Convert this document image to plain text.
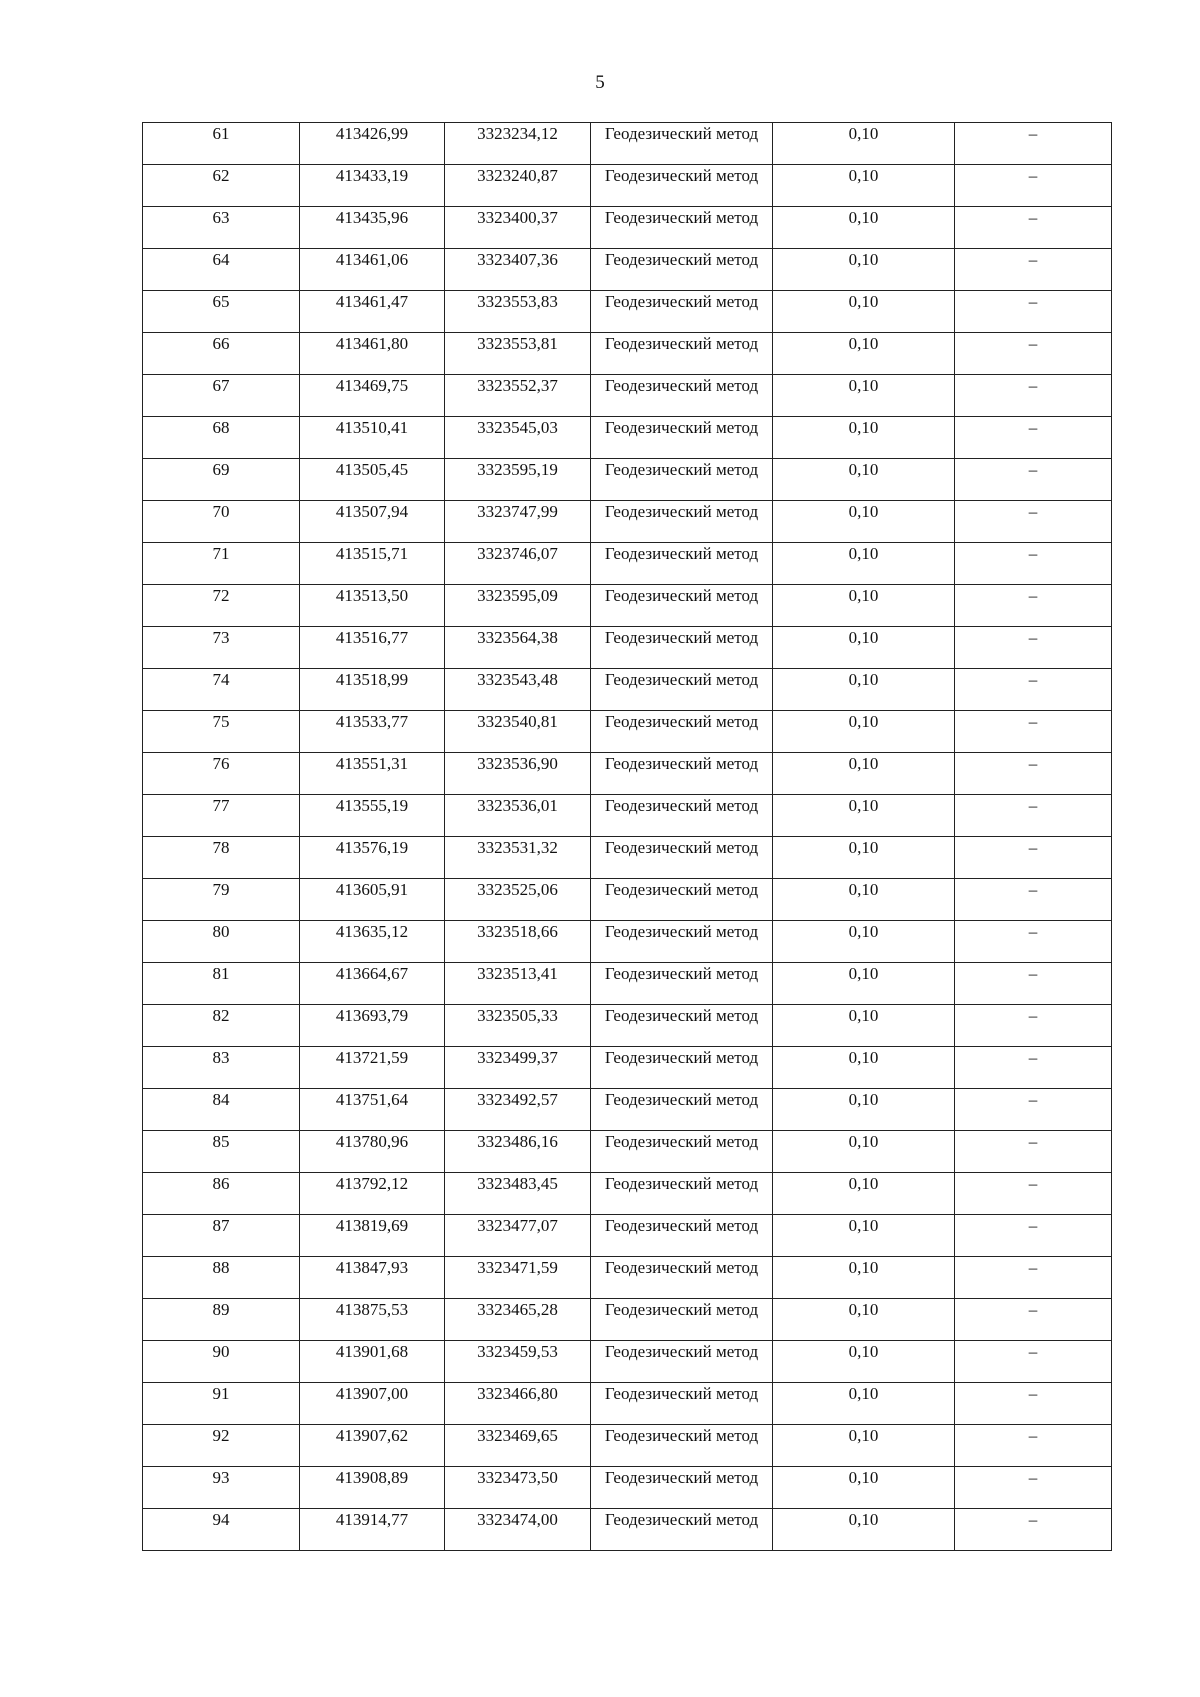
5
61	413426,99	3323234,12	Геодезический метод	0,10	–
62	413433,19	3323240,87	Геодезический метод	0,10	–
63	413435,96	3323400,37	Геодезический метод	0,10	–
64	413461,06	3323407,36	Геодезический метод	0,10	–
65	413461,47	3323553,83	Геодезический метод	0,10	–
66	413461,80	3323553,81	Геодезический метод	0,10	–
67	413469,75	3323552,37	Геодезический метод	0,10	–
68	413510,41	3323545,03	Геодезический метод	0,10	–
69	413505,45	3323595,19	Геодезический метод	0,10	–
70	413507,94	3323747,99	Геодезический метод	0,10	–
71	413515,71	3323746,07	Геодезический метод	0,10	–
72	413513,50	3323595,09	Геодезический метод	0,10	–
73	413516,77	3323564,38	Геодезический метод	0,10	–
74	413518,99	3323543,48	Геодезический метод	0,10	–
75	413533,77	3323540,81	Геодезический метод	0,10	–
76	413551,31	3323536,90	Геодезический метод	0,10	–
77	413555,19	3323536,01	Геодезический метод	0,10	–
78	413576,19	3323531,32	Геодезический метод	0,10	–
79	413605,91	3323525,06	Геодезический метод	0,10	–
80	413635,12	3323518,66	Геодезический метод	0,10	–
81	413664,67	3323513,41	Геодезический метод	0,10	–
82	413693,79	3323505,33	Геодезический метод	0,10	–
83	413721,59	3323499,37	Геодезический метод	0,10	–
84	413751,64	3323492,57	Геодезический метод	0,10	–
85	413780,96	3323486,16	Геодезический метод	0,10	–
86	413792,12	3323483,45	Геодезический метод	0,10	–
87	413819,69	3323477,07	Геодезический метод	0,10	–
88	413847,93	3323471,59	Геодезический метод	0,10	–
89	413875,53	3323465,28	Геодезический метод	0,10	–
90	413901,68	3323459,53	Геодезический метод	0,10	–
91	413907,00	3323466,80	Геодезический метод	0,10	–
92	413907,62	3323469,65	Геодезический метод	0,10	–
93	413908,89	3323473,50	Геодезический метод	0,10	–
94	413914,77	3323474,00	Геодезический метод	0,10	–
